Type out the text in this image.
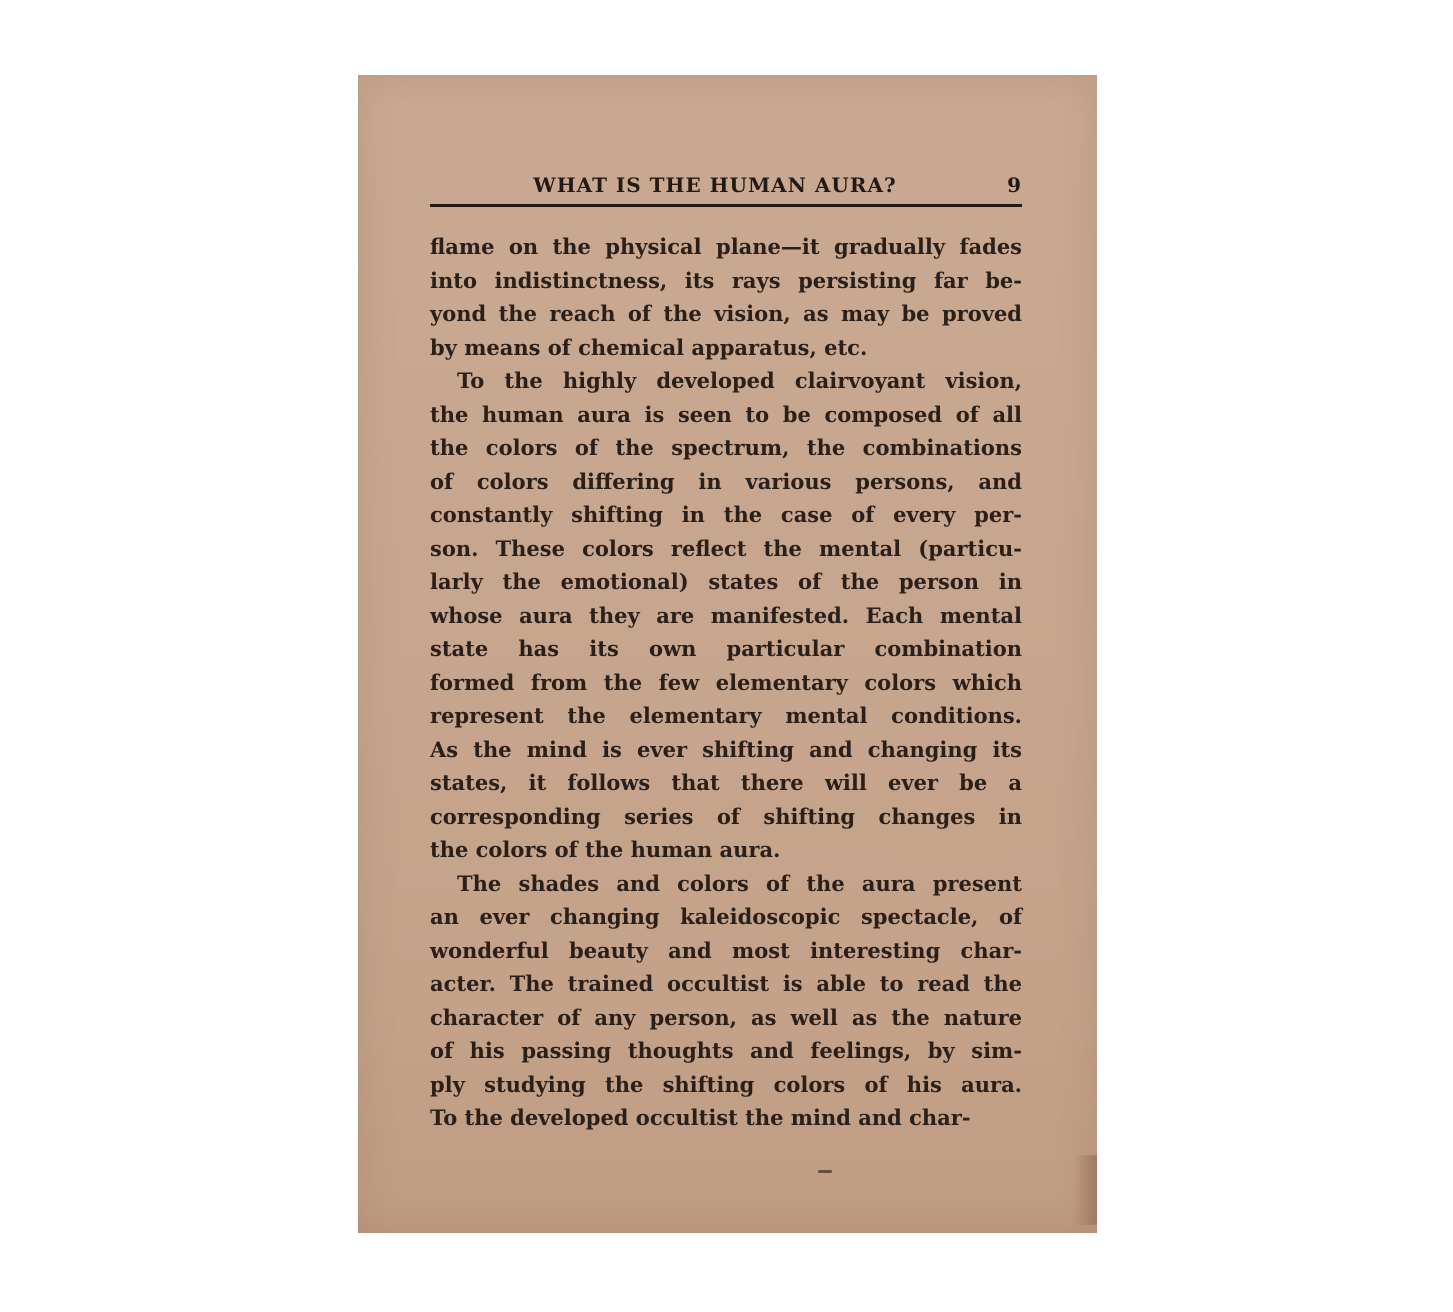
WHAT IS THE HUMAN AURA?	9
flame on the physical plane—it gradually fades
into indistinctness, its rays persisting far be-
yond the reach of the vision, as may be proved
by means of chemical apparatus, etc.
To the highly developed clairvoyant vision,
the human aura is seen to be composed of all
the colors of the spectrum, the combinations
of colors differing in various persons, and
constantly shifting in the case of every per-
son. These colors reflect the mental (particu-
larly the emotional) states of the person in
whose aura they are manifested. Each mental
state has its own particular combination
formed from the few elementary colors which
represent the elementary mental conditions.
As the mind is ever shifting and changing its
states, it follows that there will ever be a
corresponding series of shifting changes in
the colors of the human aura.
The shades and colors of the aura present
an ever changing kaleidoscopic spectacle, of
wonderful beauty and most interesting char-
acter. The trained occultist is able to read the
character of any person, as well as the nature
of his passing thoughts and feelings, by sim-
ply studying the shifting colors of his aura.
To the developed occultist the mind and char-
